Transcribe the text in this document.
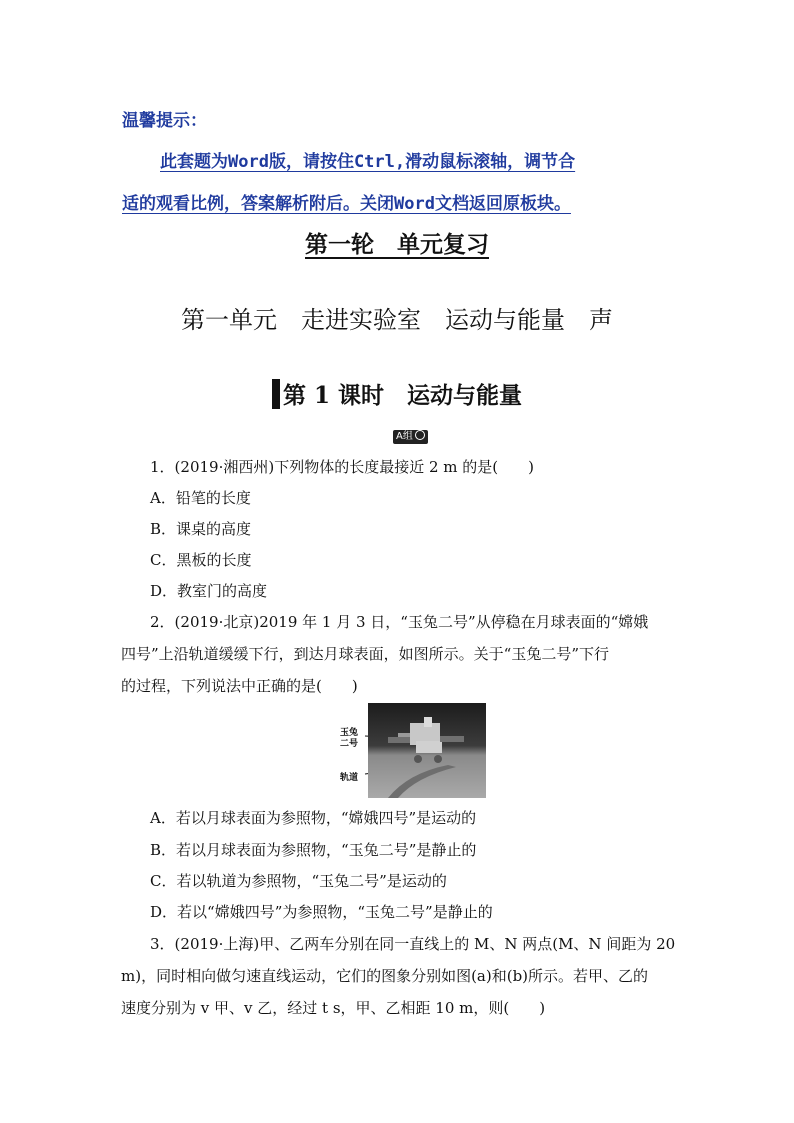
温馨提示：
此套题为Word版，请按住Ctrl,滑动鼠标滚轴，调节合
适的观看比例，答案解析附后。关闭Word文档返回原板块。
第一轮　单元复习
第一单元　走进实验室　运动与能量　声
第 1 课时　运动与能量
A组
1．(2019·湘西州)下列物体的长度最接近 2 m 的是(　　)
A．铅笔的长度
B．课桌的高度
C．黑板的长度
D．教室门的高度
2．(2019·北京)2019 年 1 月 3 日，“玉兔二号”从停稳在月球表面的“嫦娥
四号”上沿轨道缓缓下行，到达月球表面，如图所示。关于“玉兔二号”下行
的过程，下列说法中正确的是(　　)
玉兔
二号
轨道
A．若以月球表面为参照物，“嫦娥四号”是运动的
B．若以月球表面为参照物，“玉兔二号”是静止的
C．若以轨道为参照物，“玉兔二号”是运动的
D．若以“嫦娥四号”为参照物，“玉兔二号”是静止的
3．(2019·上海)甲、乙两车分别在同一直线上的 M、N 两点(M、N 间距为 20
m)，同时相向做匀速直线运动，它们的图象分别如图(a)和(b)所示。若甲、乙的
速度分别为 v 甲、v 乙，经过 t s，甲、乙相距 10 m，则(　　)
